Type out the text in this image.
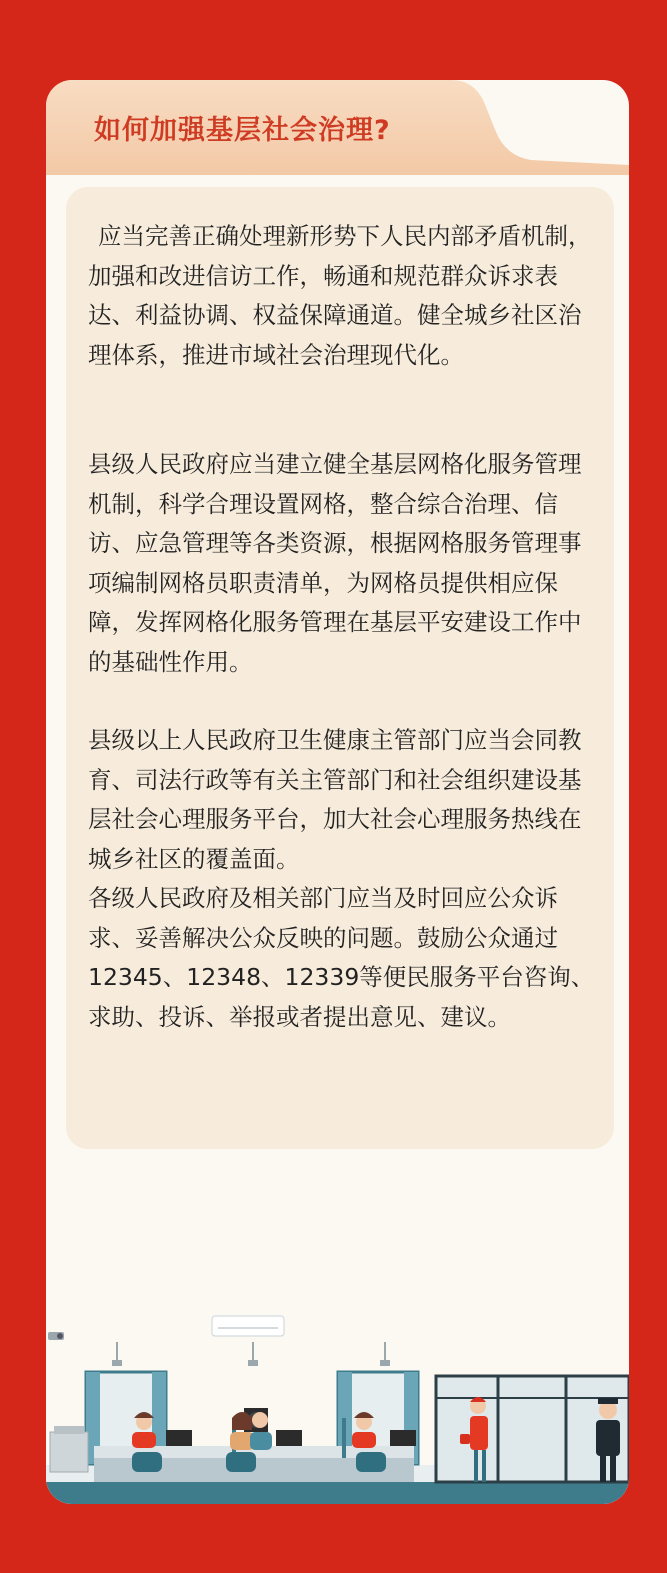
如何加强基层社会治理?

应当完善正确处理新形势下人民内部矛盾机制，加强和改进信访工作，畅通和规范群众诉求表达、利益协调、权益保障通道。健全城乡社区治理体系，推进市域社会治理现代化。

县级人民政府应当建立健全基层网格化服务管理机制，科学合理设置网格，整合综合治理、信访、应急管理等各类资源，根据网格服务管理事项编制网格员职责清单，为网格员提供相应保障，发挥网格化服务管理在基层平安建设工作中的基础性作用。

县级以上人民政府卫生健康主管部门应当会同教育、司法行政等有关主管部门和社会组织建设基层社会心理服务平台，加大社会心理服务热线在城乡社区的覆盖面。

各级人民政府及相关部门应当及时回应公众诉求、妥善解决公众反映的问题。鼓励公众通过12345、12348、12339等便民服务平台咨询、求助、投诉、举报或者提出意见、建议。
